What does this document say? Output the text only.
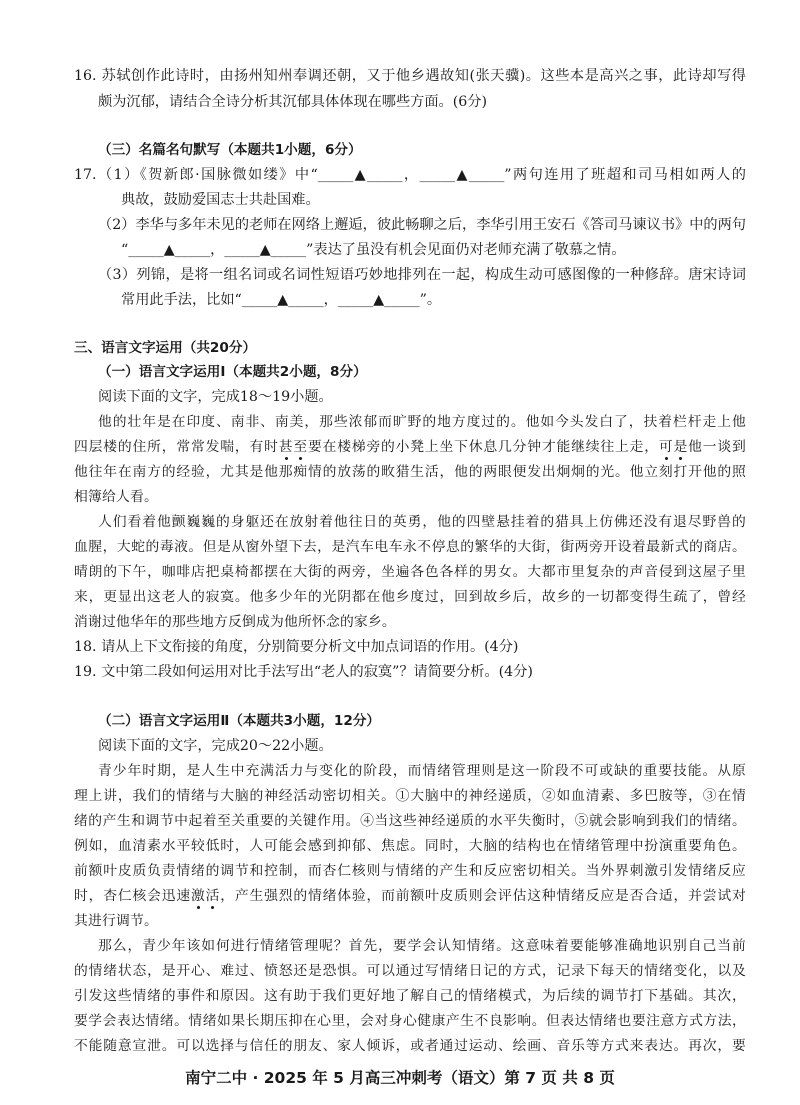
16. 苏轼创作此诗时，由扬州知州奉调还朝，又于他乡遇故知(张天骥)。这些本是高兴之事，此诗却写得
颇为沉郁，请结合全诗分析其沉郁具体体现在哪些方面。(6分)
（三）名篇名句默写（本题共1小题，6分）
17.（1）《贺新郎·国脉微如缕》中“_____▲_____，_____▲_____”两句连用了班超和司马相如两人的
典故，鼓励爱国志士共赴国难。
（2）李华与多年未见的老师在网络上邂逅，彼此畅聊之后，李华引用王安石《答司马谏议书》中的两句
“_____▲_____，_____▲_____”表达了虽没有机会见面仍对老师充满了敬慕之情。
（3）列锦，是将一组名词或名词性短语巧妙地排列在一起，构成生动可感图像的一种修辞。唐宋诗词
常用此手法，比如“_____▲_____，_____▲_____”。
三、语言文字运用（共20分）
（一）语言文字运用Ⅰ（本题共2小题，8分）
阅读下面的文字，完成18～19小题。
他的壮年是在印度、南非、南美，那些浓郁而旷野的地方度过的。他如今头发白了，扶着栏杆走上他
四层楼的住所，常常发喘，有时甚至要在楼梯旁的小凳上坐下休息几分钟才能继续往上走，可是他一谈到
他往年在南方的经验，尤其是他那痴情的放荡的畋猎生活，他的两眼便发出炯炯的光。他立刻打开他的照
相簿给人看。
人们看着他颤巍巍的身躯还在放射着他往日的英勇，他的四壁悬挂着的猎具上仿佛还没有退尽野兽的
血腥，大蛇的毒液。但是从窗外望下去，是汽车电车永不停息的繁华的大街，街两旁开设着最新式的商店。
晴朗的下午，咖啡店把桌椅都摆在大街的两旁，坐遍各色各样的男女。大都市里复杂的声音侵到这屋子里
来，更显出这老人的寂寞。他多少年的光阴都在他乡度过，回到故乡后，故乡的一切都变得生疏了，曾经
消谢过他华年的那些地方反倒成为他所怀念的家乡。
18. 请从上下文衔接的角度，分别简要分析文中加点词语的作用。(4分)
19. 文中第二段如何运用对比手法写出“老人的寂寞”？请简要分析。(4分)
（二）语言文字运用Ⅱ（本题共3小题，12分）
阅读下面的文字，完成20～22小题。
青少年时期，是人生中充满活力与变化的阶段，而情绪管理则是这一阶段不可或缺的重要技能。从原
理上讲，我们的情绪与大脑的神经活动密切相关。①大脑中的神经递质，②如血清素、多巴胺等，③在情
绪的产生和调节中起着至关重要的关键作用。④当这些神经递质的水平失衡时，⑤就会影响到我们的情绪。
例如，血清素水平较低时，人可能会感到抑郁、焦虑。同时，大脑的结构也在情绪管理中扮演重要角色。
前额叶皮质负责情绪的调节和控制，而杏仁核则与情绪的产生和反应密切相关。当外界刺激引发情绪反应
时，杏仁核会迅速激活，产生强烈的情绪体验，而前额叶皮质则会评估这种情绪反应是否合适，并尝试对
其进行调节。
那么，青少年该如何进行情绪管理呢？首先，要学会认知情绪。这意味着要能够准确地识别自己当前
的情绪状态，是开心、难过、愤怒还是恐惧。可以通过写情绪日记的方式，记录下每天的情绪变化，以及
引发这些情绪的事件和原因。这有助于我们更好地了解自己的情绪模式，为后续的调节打下基础。其次，
要学会表达情绪。情绪如果长期压抑在心里，会对身心健康产生不良影响。但表达情绪也要注意方式方法，
不能随意宣泄。可以选择与信任的朋友、家人倾诉，或者通过运动、绘画、音乐等方式来表达。再次，要
南宁二中 · 2025 年 5 月高三冲刺考（语文）第 7 页 共 8 页
